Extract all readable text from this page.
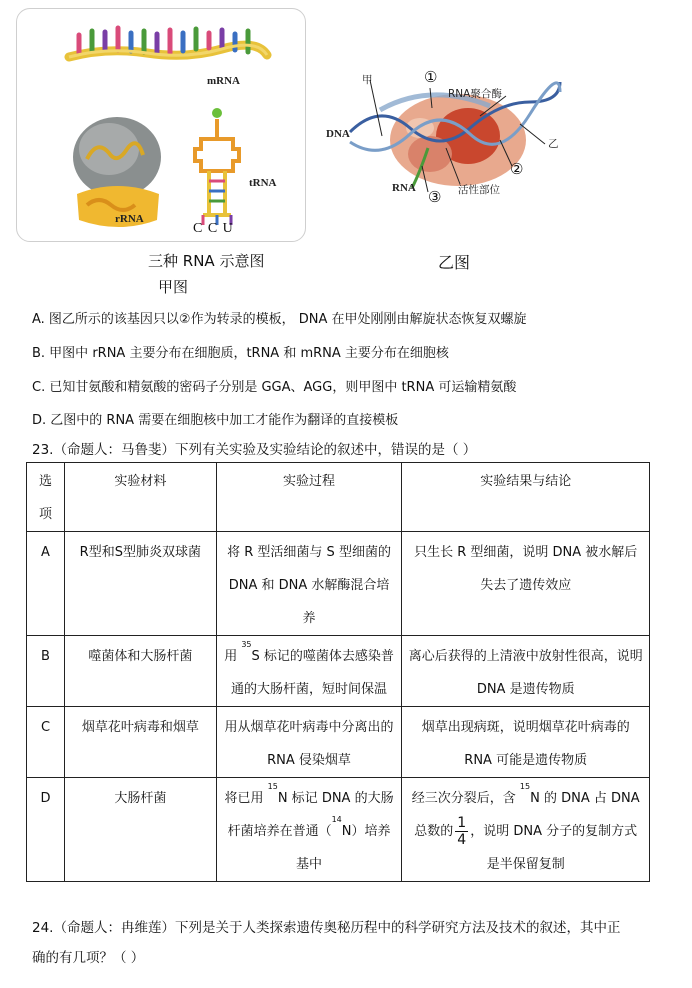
mRNA
tRNA
rRNA
C C U
三种 RNA 示意图
甲图
甲	①
RNA聚合酶
DNA
乙
②
RNA ③ 活性部位
乙图
A. 图乙所示的该基因只以②作为转录的模板， DNA 在甲处刚刚由解旋状态恢复双螺旋
B. 甲图中 rRNA 主要分布在细胞质，tRNA 和 mRNA 主要分布在细胞核
C. 已知甘氨酸和精氨酸的密码子分别是 GGA、AGG，则甲图中 tRNA 可运输精氨酸
D. 乙图中的 RNA 需要在细胞核中加工才能作为翻译的直接模板
23.（命题人：马鲁斐）下列有关实验及实验结论的叙述中，错误的是（ ）
选
项	实验材料	实验过程	实验结果与结论
A	R型和S型肺炎双球菌	将 R 型活细菌与 S 型细菌的 DNA 和 DNA 水解酶混合培养	只生长 R 型细菌，说明 DNA 被水解后失去了遗传效应
B	噬菌体和大肠杆菌	用 $^{35}$S 标记的噬菌体去感染普通的大肠杆菌，短时间保温	离心后获得的上清液中放射性很高，说明 DNA 是遗传物质
C	烟草花叶病毒和烟草	用从烟草花叶病毒中分离出的 RNA 侵染烟草	烟草出现病斑，说明烟草花叶病毒的 RNA 可能是遗传物质
D	大肠杆菌	将已用 $^{15}$N 标记 DNA 的大肠杆菌培养在普通（$^{14}$N）培养基中	经三次分裂后，含 $^{15}$N 的 DNA 占 DNA 总数的 $\frac{1}{4}$ ，说明 DNA 分子的复制方式是半保留复制
24.（命题人：冉维莲）下列是关于人类探索遗传奥秘历程中的科学研究方法及技术的叙述，其中正
确的有几项？（ ）
